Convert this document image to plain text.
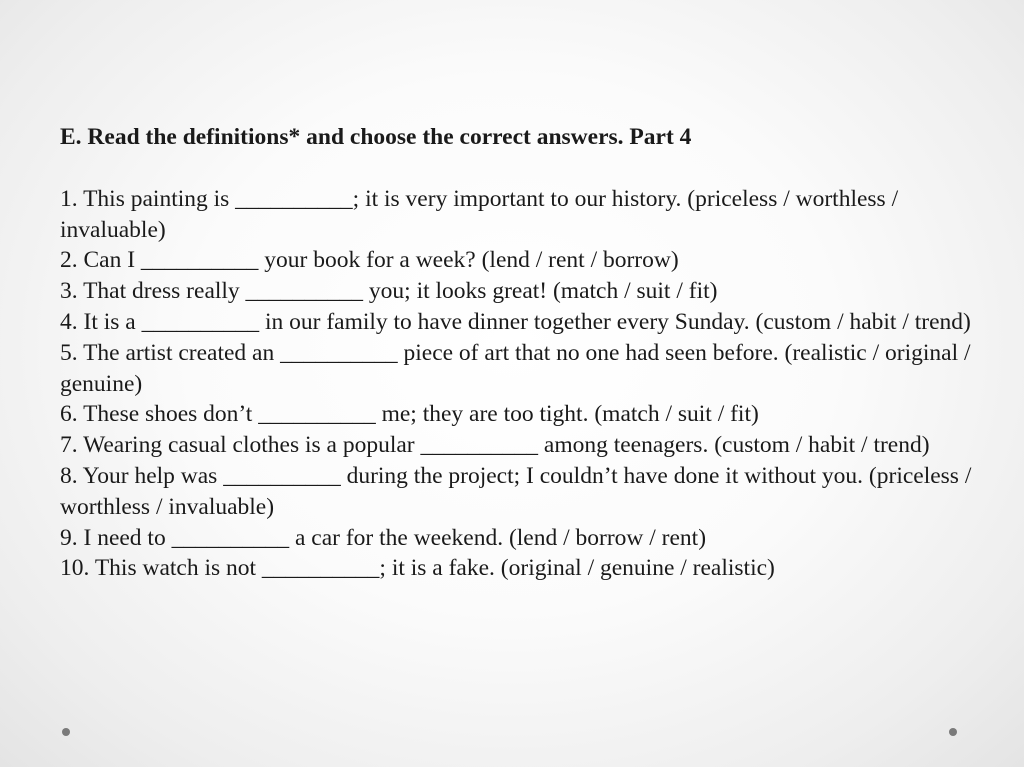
E. Read the definitions* and choose the correct answers. Part 4

1. This painting is __________; it is very important to our history. (priceless / worthless / invaluable)

2. Can I __________ your book for a week? (lend / rent / borrow)

3. That dress really __________ you; it looks great! (match / suit / fit)

4. It is a __________ in our family to have dinner together every Sunday. (custom / habit / trend)

5. The artist created an __________ piece of art that no one had seen before. (realistic / original / genuine)

6. These shoes don’t __________ me; they are too tight. (match / suit / fit)

7. Wearing casual clothes is a popular __________ among teenagers. (custom / habit / trend)

8. Your help was __________ during the project; I couldn’t have done it without you. (priceless / worthless / invaluable)

9. I need to __________ a car for the weekend. (lend / borrow / rent)

10. This watch is not __________; it is a fake. (original / genuine / realistic)
